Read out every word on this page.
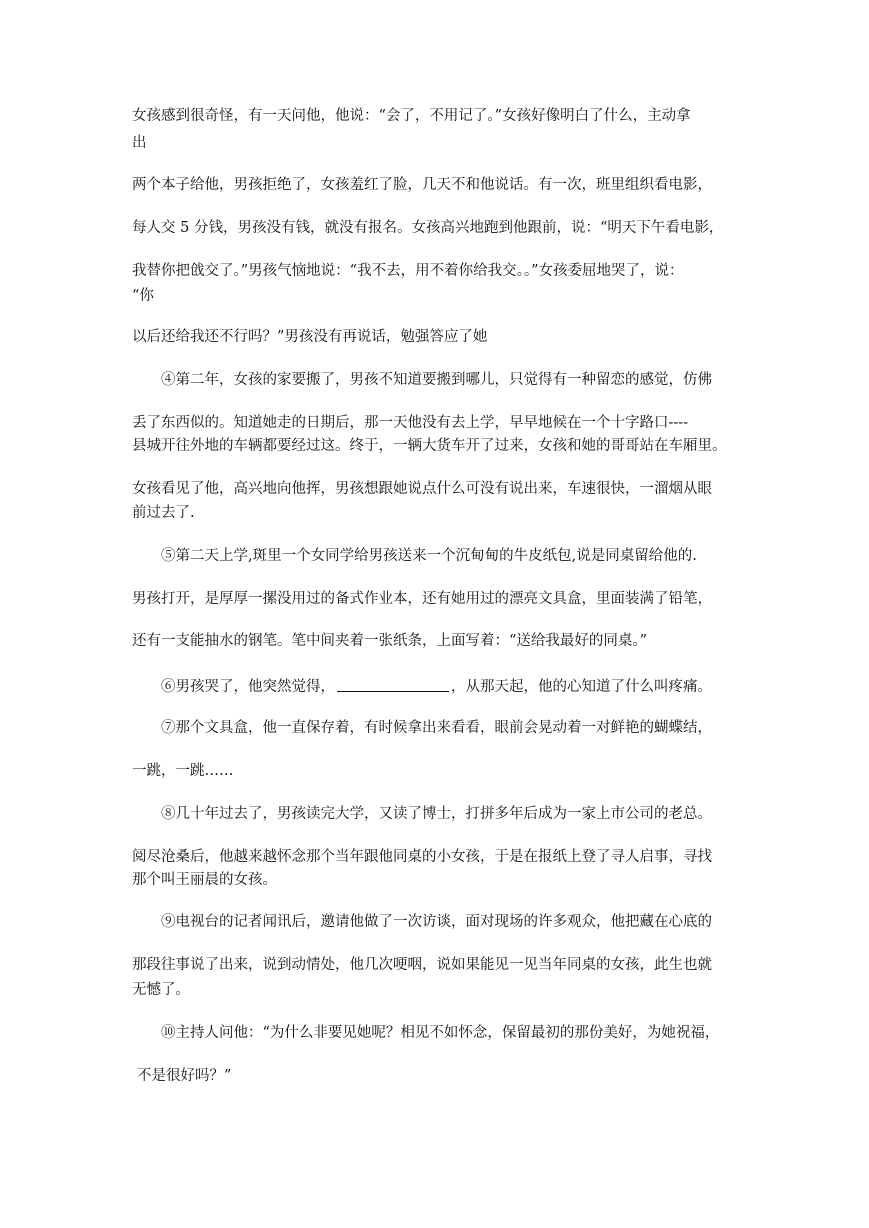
女孩感到很奇怪，有一天问他，他说：“会了，不用记了。”女孩好像明白了什么，主动拿
出
两个本子给他，男孩拒绝了，女孩羞红了脸，几天不和他说话。有一次，班里组织看电影，
每人交 5 分钱，男孩没有钱，就没有报名。女孩高兴地跑到他跟前，说：“明天下午看电影，
我替你把戗交了。”男孩气恼地说：“我不去，用不着你给我交。。”女孩委屈地哭了，说：
“你
以后还给我还不行吗？”男孩没有再说话，勉强答应了她
④第二年，女孩的家要搬了，男孩不知道要搬到哪儿，只觉得有一种留恋的感觉，仿佛
丢了东西似的。知道她走的日期后，那一天他没有去上学，早早地候在一个十字路口----
县城开往外地的车辆都要经过这。终于，一辆大货车开了过来，女孩和她的哥哥站在车厢里。
女孩看见了他，高兴地向他挥，男孩想跟她说点什么可没有说出来，车速很快，一溜烟从眼
前过去了.
⑤第二天上学,斑里一个女同学给男孩送来一个沉甸甸的牛皮纸包,说是同桌留给他的.
男孩打开，是厚厚一摞没用过的备式作业本，还有她用过的漂亮文具盒，里面装满了铅笔，
还有一支能抽水的钢笔。笔中间夹着一张纸条，上面写着：“送给我最好的同桌。”
⑥男孩哭了，他突然觉得，	，从那天起，他的心知道了什么叫疼痛。
⑦那个文具盒，他一直保存着，有时候拿出来看看，眼前会晃动着一对鲜艳的蝴蝶结，
一跳，一跳……
⑧几十年过去了，男孩读完大学，又读了博士，打拼多年后成为一家上市公司的老总。
阅尽沧桑后，他越来越怀念那个当年跟他同桌的小女孩，于是在报纸上登了寻人启事，寻找
那个叫王丽晨的女孩。
⑨电视台的记者闻讯后，邀请他做了一次访谈，面对现场的许多观众，他把藏在心底的
那段往事说了出来，说到动情处，他几次哽咽，说如果能见一见当年同桌的女孩，此生也就
无憾了。
⑩主持人问他：“为什么非要见她呢？相见不如怀念，保留最初的那份美好，为她祝福，
不是很好吗？”
